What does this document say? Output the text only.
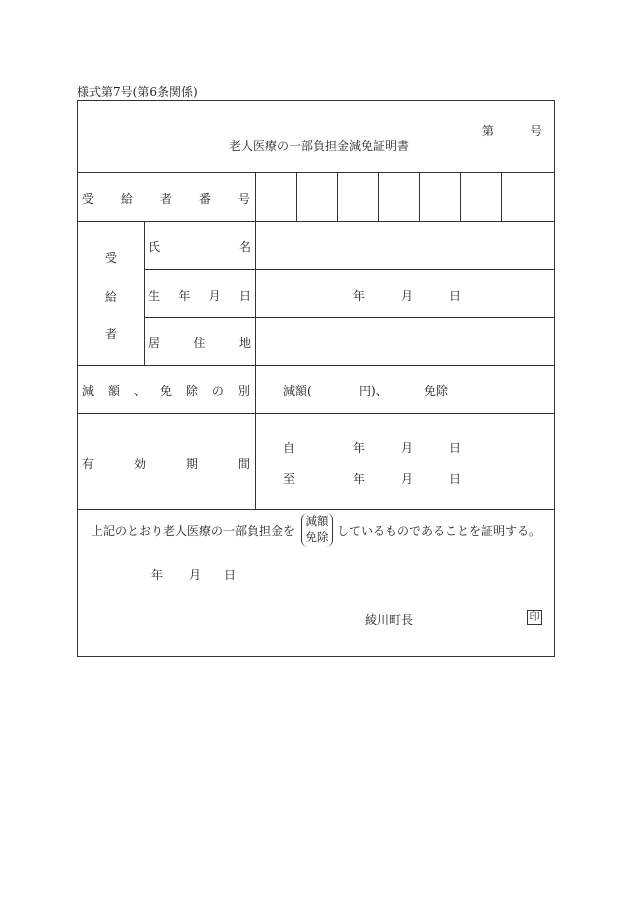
様式第7号(第6条関係)
第	号
老人医療の一部負担金減免証明書
受 給 者 番 号
受
給
者
氏	名
生 年 月 日	年	月	日
居	住	地
減 額 、 免 除 の 別	減額(	円)、	免除
有	効	期	間
自	年	月	日
至	年	月	日
上記のとおり老人医療の一部負担金を
減額
免除 しているものであることを証明する。
年 月 日
綾川町長	印
